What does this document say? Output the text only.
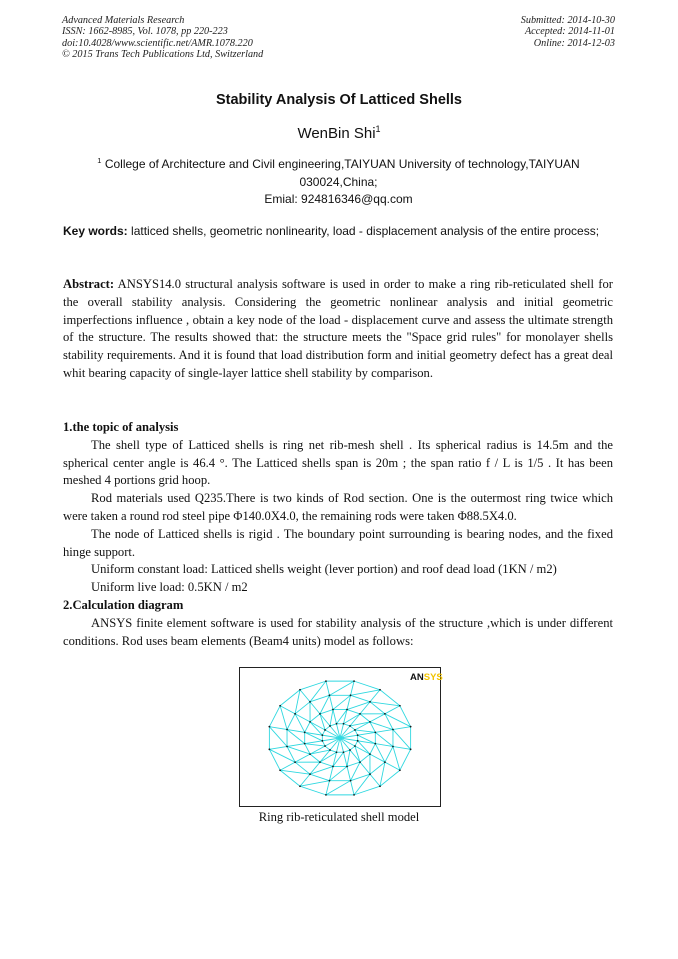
Advanced Materials Research
ISSN: 1662-8985, Vol. 1078, pp 220-223
doi:10.4028/www.scientific.net/AMR.1078.220
© 2015 Trans Tech Publications Ltd, Switzerland
Submitted: 2014-10-30
Accepted: 2014-11-01
Online: 2014-12-03
Stability Analysis Of Latticed Shells
WenBin Shi$^1$
$^1$ College of Architecture and Civil engineering,TAIYUAN University of technology,TAIYUAN 030024,China;
Emial: 924816346@qq.com
Key words: latticed shells, geometric nonlinearity, load - displacement analysis of the entire process;
Abstract: ANSYS14.0 structural analysis software is used in order to make a ring rib-reticulated shell for the overall stability analysis. Considering the geometric nonlinear analysis and initial geometric imperfections influence , obtain a key node of the load - displacement curve and assess the ultimate strength of the structure. The results showed that: the structure meets the "Space grid rules" for monolayer shells stability requirements. And it is found that load distribution form and initial geometry defect has a great deal whit bearing capacity of single-layer lattice shell stability by comparison.
1.the topic of analysis

The shell type of Latticed shells is ring net rib-mesh shell . Its spherical radius is 14.5m and the spherical center angle is 46.4 °. The Latticed shells span is 20m ; the span ratio f / L is 1/5 . It has been meshed 4 portions grid hoop.

Rod materials used Q235.There is two kinds of Rod section. One is the outermost ring twice which were taken a round rod steel pipe Φ140.0X4.0, the remaining rods were taken Φ88.5X4.0.

The node of Latticed shells is rigid . The boundary point surrounding is bearing nodes, and the fixed hinge support.

Uniform constant load: Latticed shells weight (lever portion) and roof dead load (1KN / m2)

Uniform live load: 0.5KN / m2

2.Calculation diagram

ANSYS finite element software is used for stability analysis of the structure ,which is under different conditions. Rod uses beam elements (Beam4 units) model as follows:

ANSYS
Ring rib-reticulated shell model
